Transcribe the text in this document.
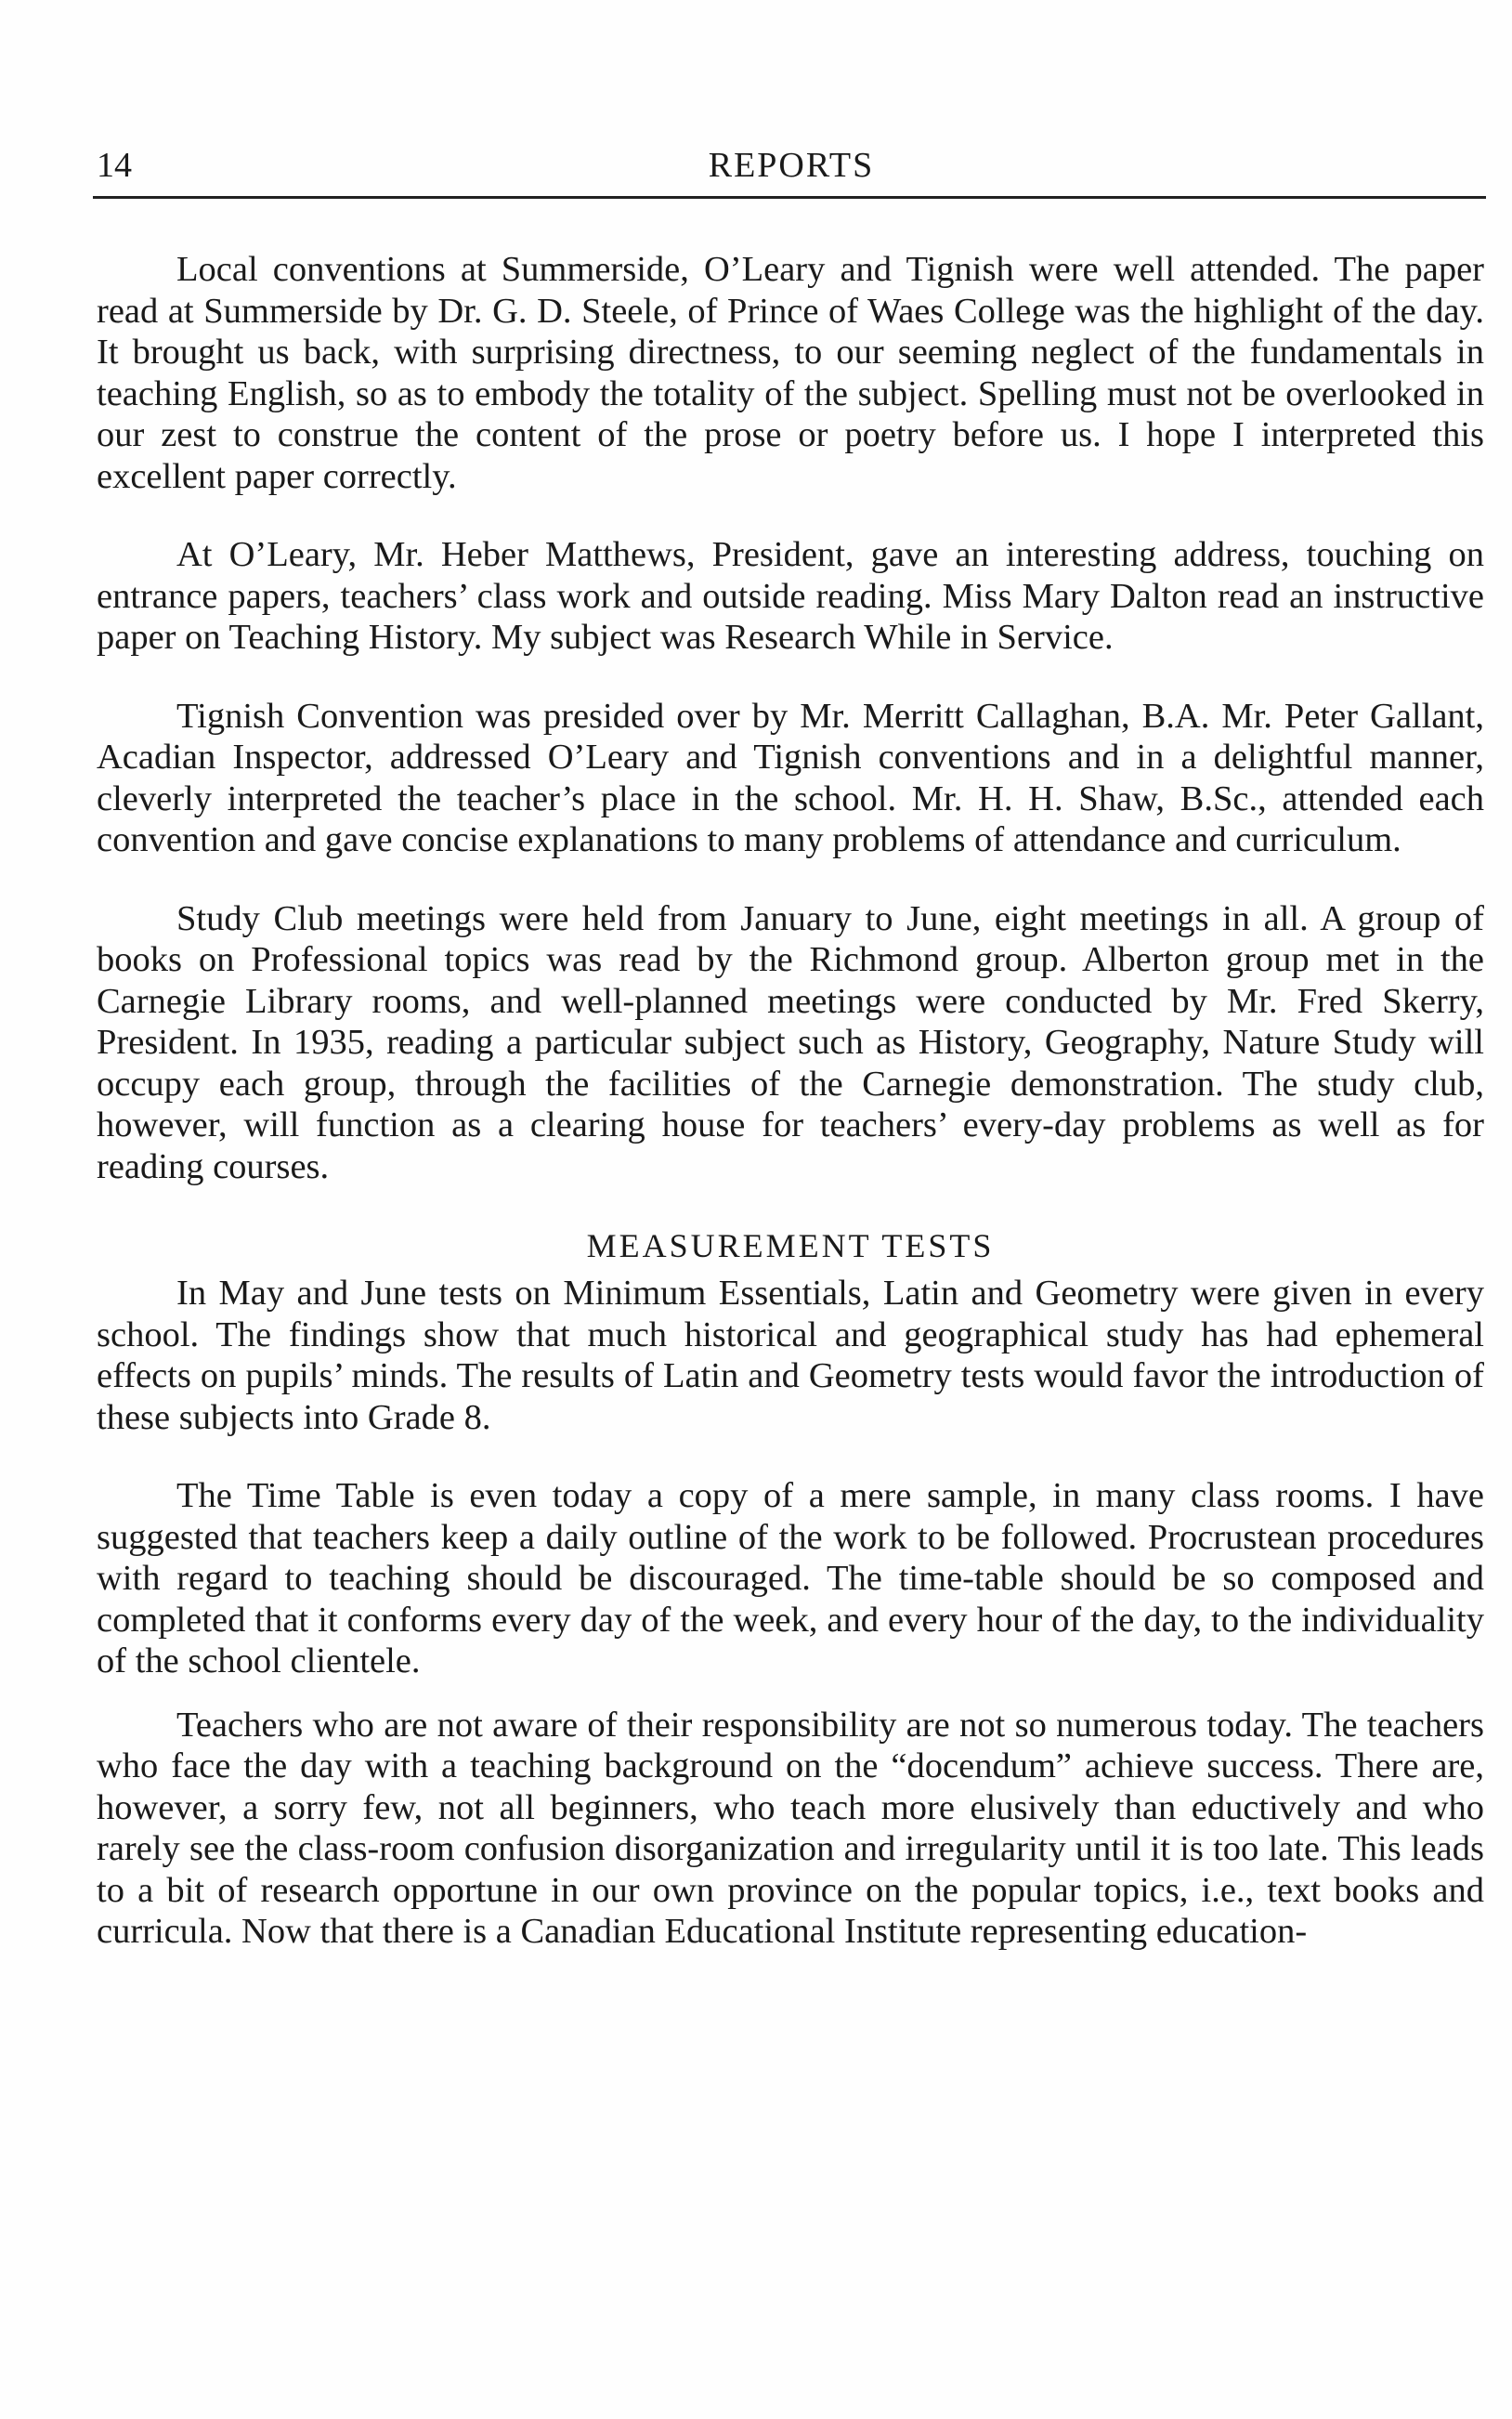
14	REPORTS

Local conventions at Summerside, O’Leary and Tignish were well attended. The paper read at Summerside by Dr. G. D. Steele, of Prince of Waes College was the highlight of the day. It brought us back, with surprising directness, to our seeming neglect of the fundamentals in teaching English, so as to embody the totality of the subject. Spelling must not be overlooked in our zest to construe the content of the prose or poetry before us. I hope I interpreted this excellent paper correctly.

At O’Leary, Mr. Heber Matthews, President, gave an interesting address, touching on entrance papers, teachers’ class work and outside reading. Miss Mary Dalton read an instructive paper on Teaching History. My subject was Research While in Service.

Tignish Convention was presided over by Mr. Merritt Callaghan, B.A. Mr. Peter Gallant, Acadian Inspector, addressed O’Leary and Tignish conventions and in a delightful manner, cleverly interpreted the teacher’s place in the school. Mr. H. H. Shaw, B.Sc., attended each convention and gave concise explanations to many problems of attendance and curriculum.

Study Club meetings were held from January to June, eight meetings in all. A group of books on Professional topics was read by the Richmond group. Alberton group met in the Carnegie Library rooms, and well-planned meetings were conducted by Mr. Fred Skerry, President. In 1935, reading a particular subject such as History, Geography, Nature Study will occupy each group, through the facilities of the Carnegie demonstration. The study club, however, will function as a clearing house for teachers’ every-day problems as well as for reading courses.

MEASUREMENT TESTS

In May and June tests on Minimum Essentials, Latin and Geometry were given in every school. The findings show that much historical and geographical study has had ephemeral effects on pupils’ minds. The results of Latin and Geometry tests would favor the introduction of these subjects into Grade 8.

The Time Table is even today a copy of a mere sample, in many class rooms. I have suggested that teachers keep a daily outline of the work to be followed. Procrustean procedures with regard to teaching should be discouraged. The time-table should be so composed and completed that it conforms every day of the week, and every hour of the day, to the individuality of the school clientele.

Teachers who are not aware of their responsibility are not so numerous today. The teachers who face the day with a teaching background on the “docendum” achieve success. There are, however, a sorry few, not all beginners, who teach more elusively than eductively and who rarely see the class-room confusion disorganization and irregularity until it is too late. This leads to a bit of research opportune in our own province on the popular topics, i.e., text books and curricula. Now that there is a Canadian Educational Institute representing education-
